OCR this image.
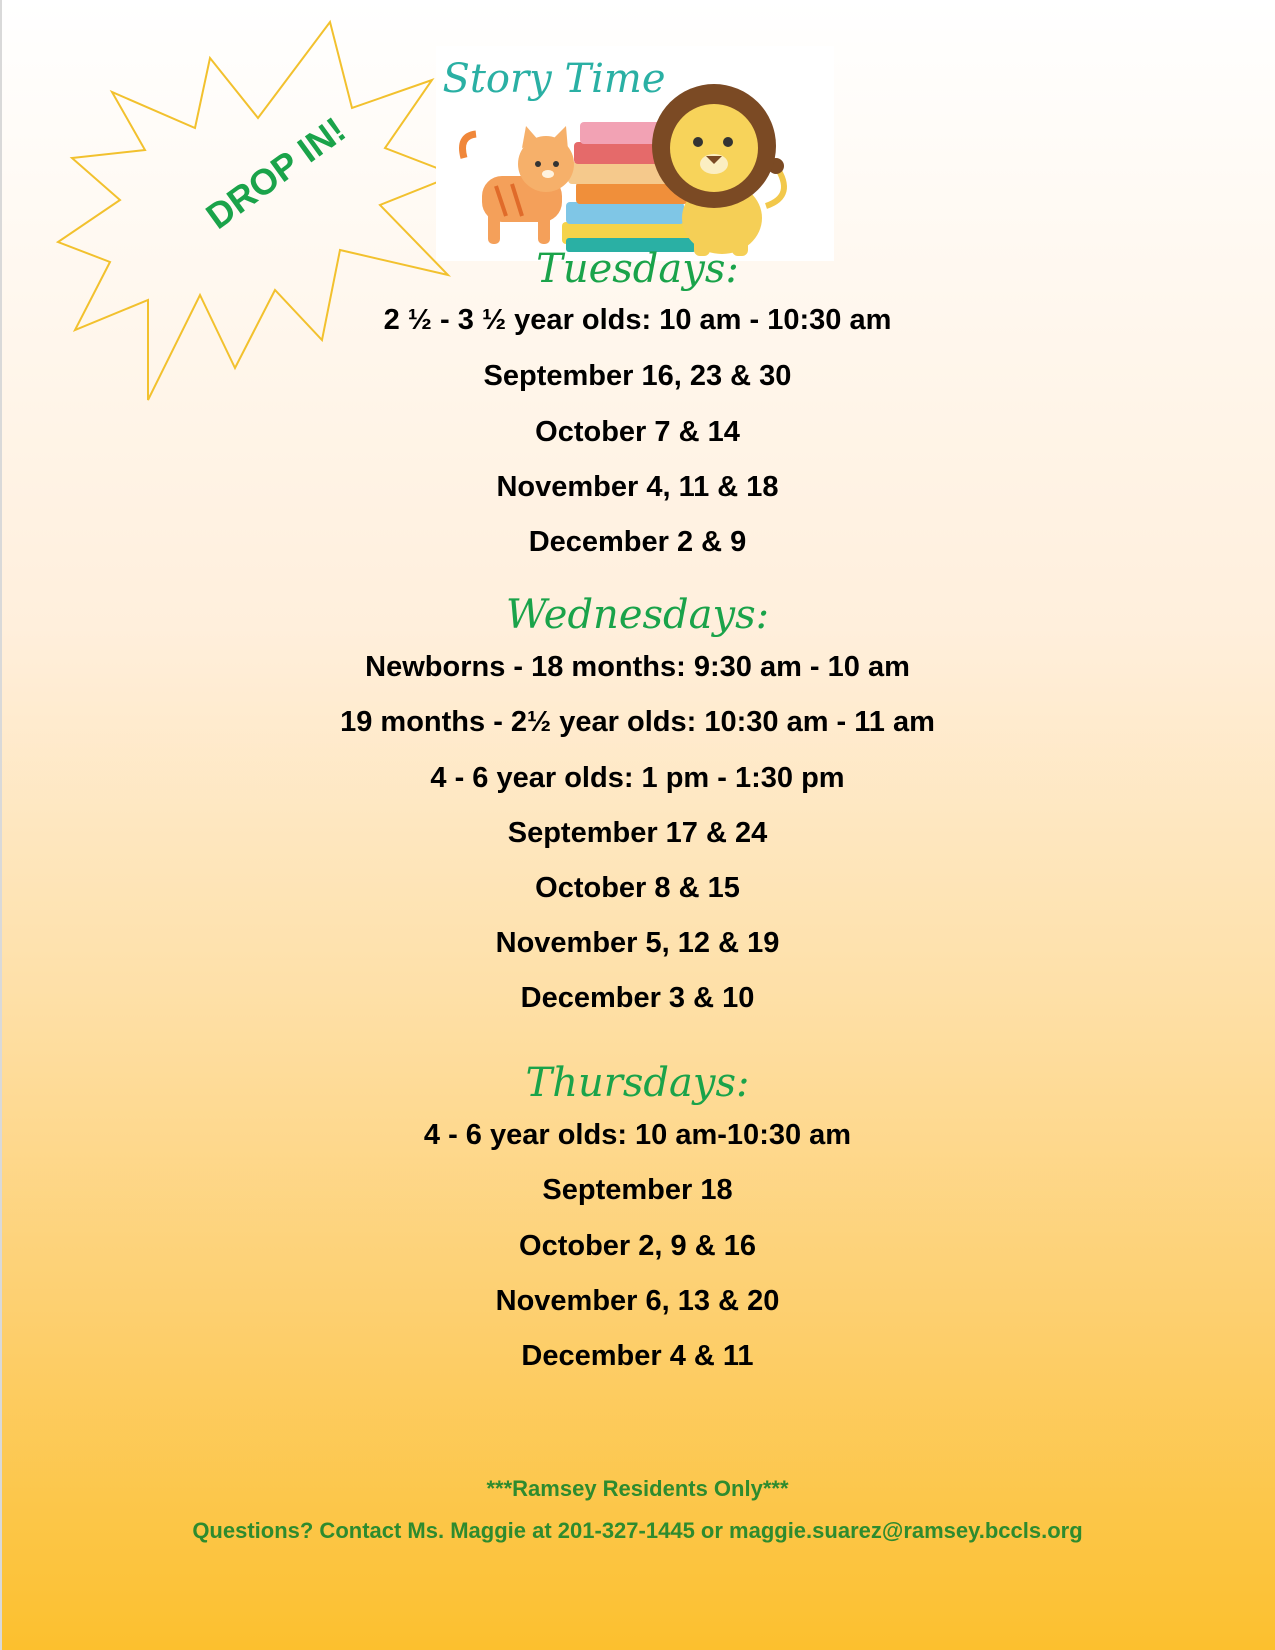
DROP IN!
Story Time
Tuesdays:
2 ½ - 3 ½ year olds: 10 am - 10:30 am
September 16, 23 & 30
October 7 & 14
November 4, 11 & 18
December 2 & 9
Wednesdays:
Newborns - 18 months: 9:30 am - 10 am
19 months - 2½ year olds: 10:30 am - 11 am
4 - 6 year olds: 1 pm - 1:30 pm
September 17 & 24
October 8 & 15
November 5, 12 & 19
December 3 & 10
Thursdays:
4 - 6 year olds: 10 am-10:30 am
September 18
October 2, 9 & 16
November 6, 13 & 20
December 4 & 11
***Ramsey Residents Only***
Questions? Contact Ms. Maggie at 201-327-1445 or maggie.suarez@ramsey.bccls.org
